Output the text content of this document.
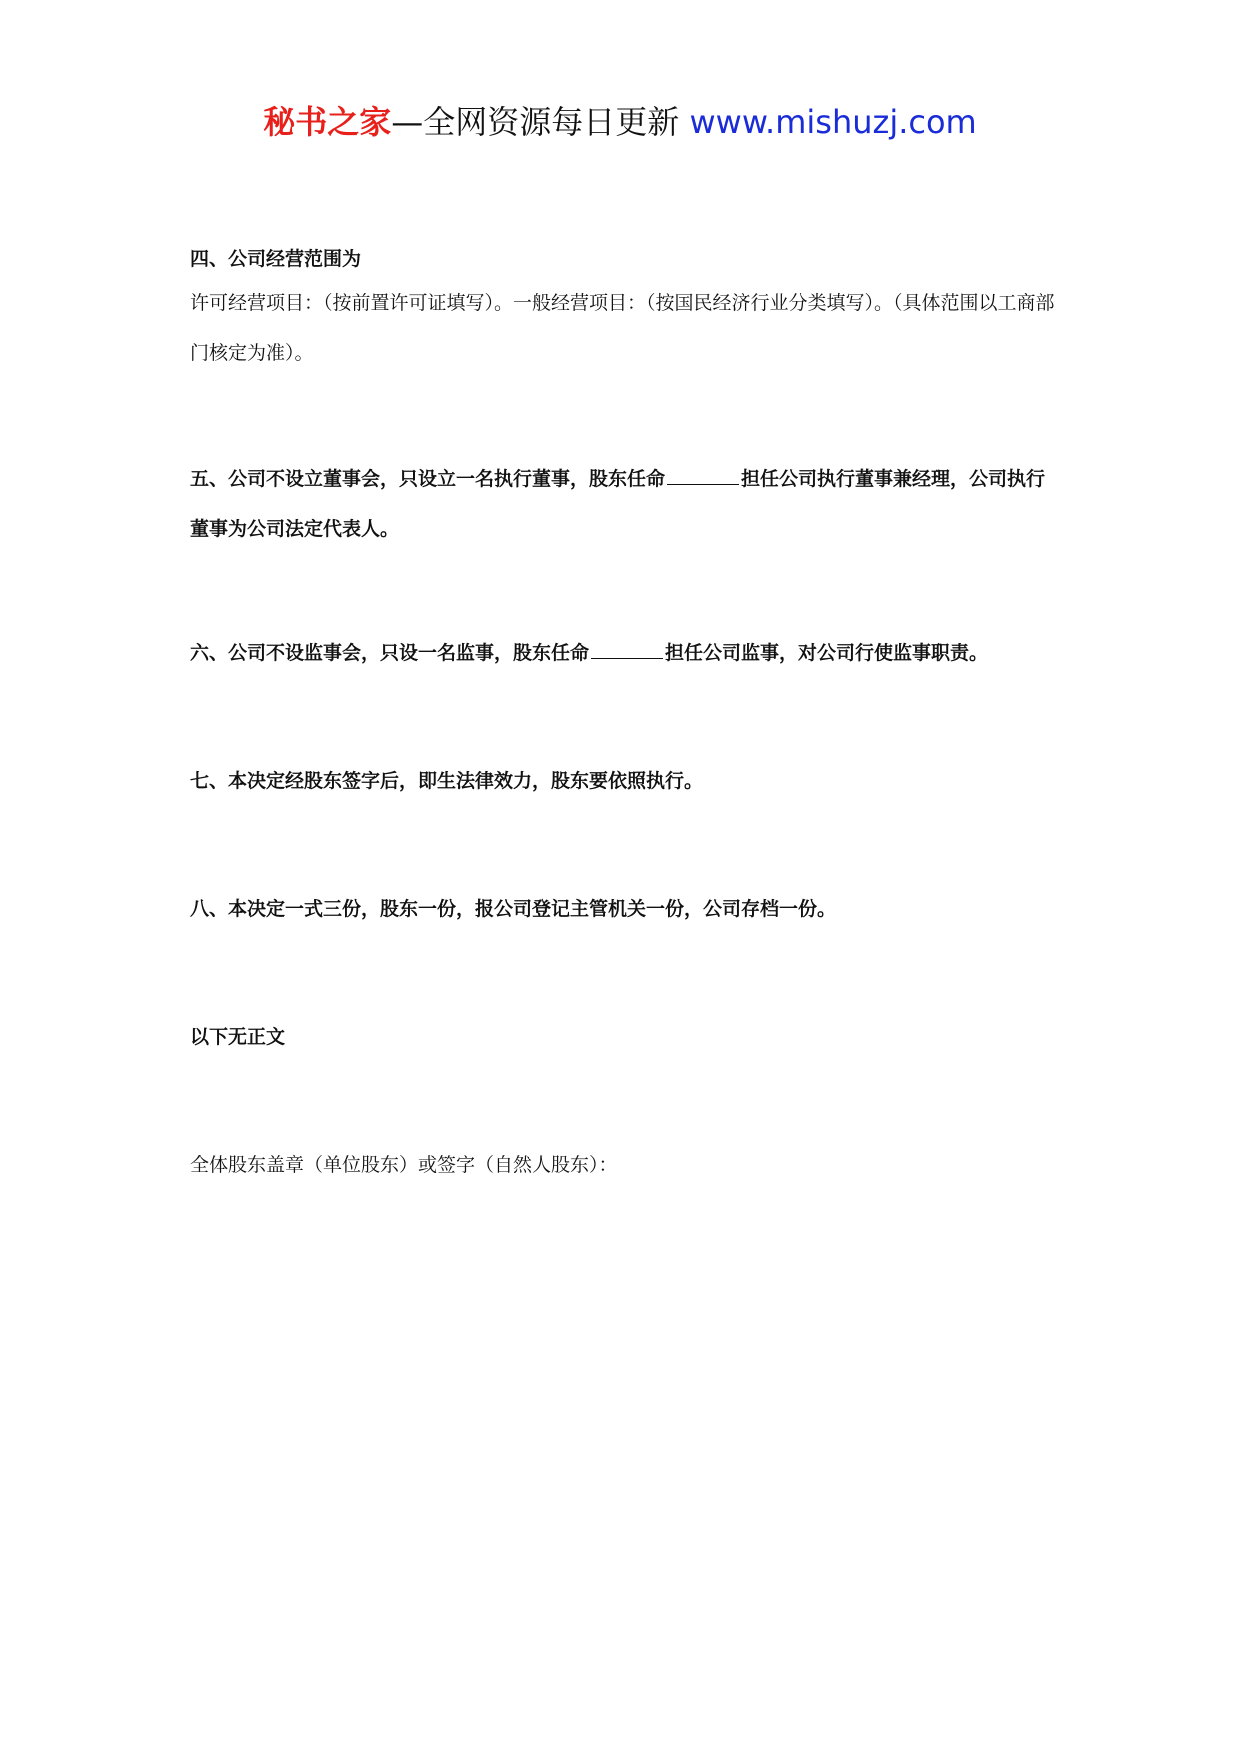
秘书之家—全网资源每日更新 www.mishuzj.com
四、公司经营范围为
许可经营项目：（按前置许可证填写）。一般经营项目：（按国民经济行业分类填写）。（具体范围以工商部门核定为准）。
五、公司不设立董事会，只设立一名执行董事，股东任命	担任公司执行董事兼经理，公司执行董事为公司法定代表人。
六、公司不设监事会，只设一名监事，股东任命	担任公司监事，对公司行使监事职责。
七、本决定经股东签字后，即生法律效力，股东要依照执行。
八、本决定一式三份，股东一份，报公司登记主管机关一份，公司存档一份。
以下无正文
全体股东盖章（单位股东）或签字（自然人股东）：
